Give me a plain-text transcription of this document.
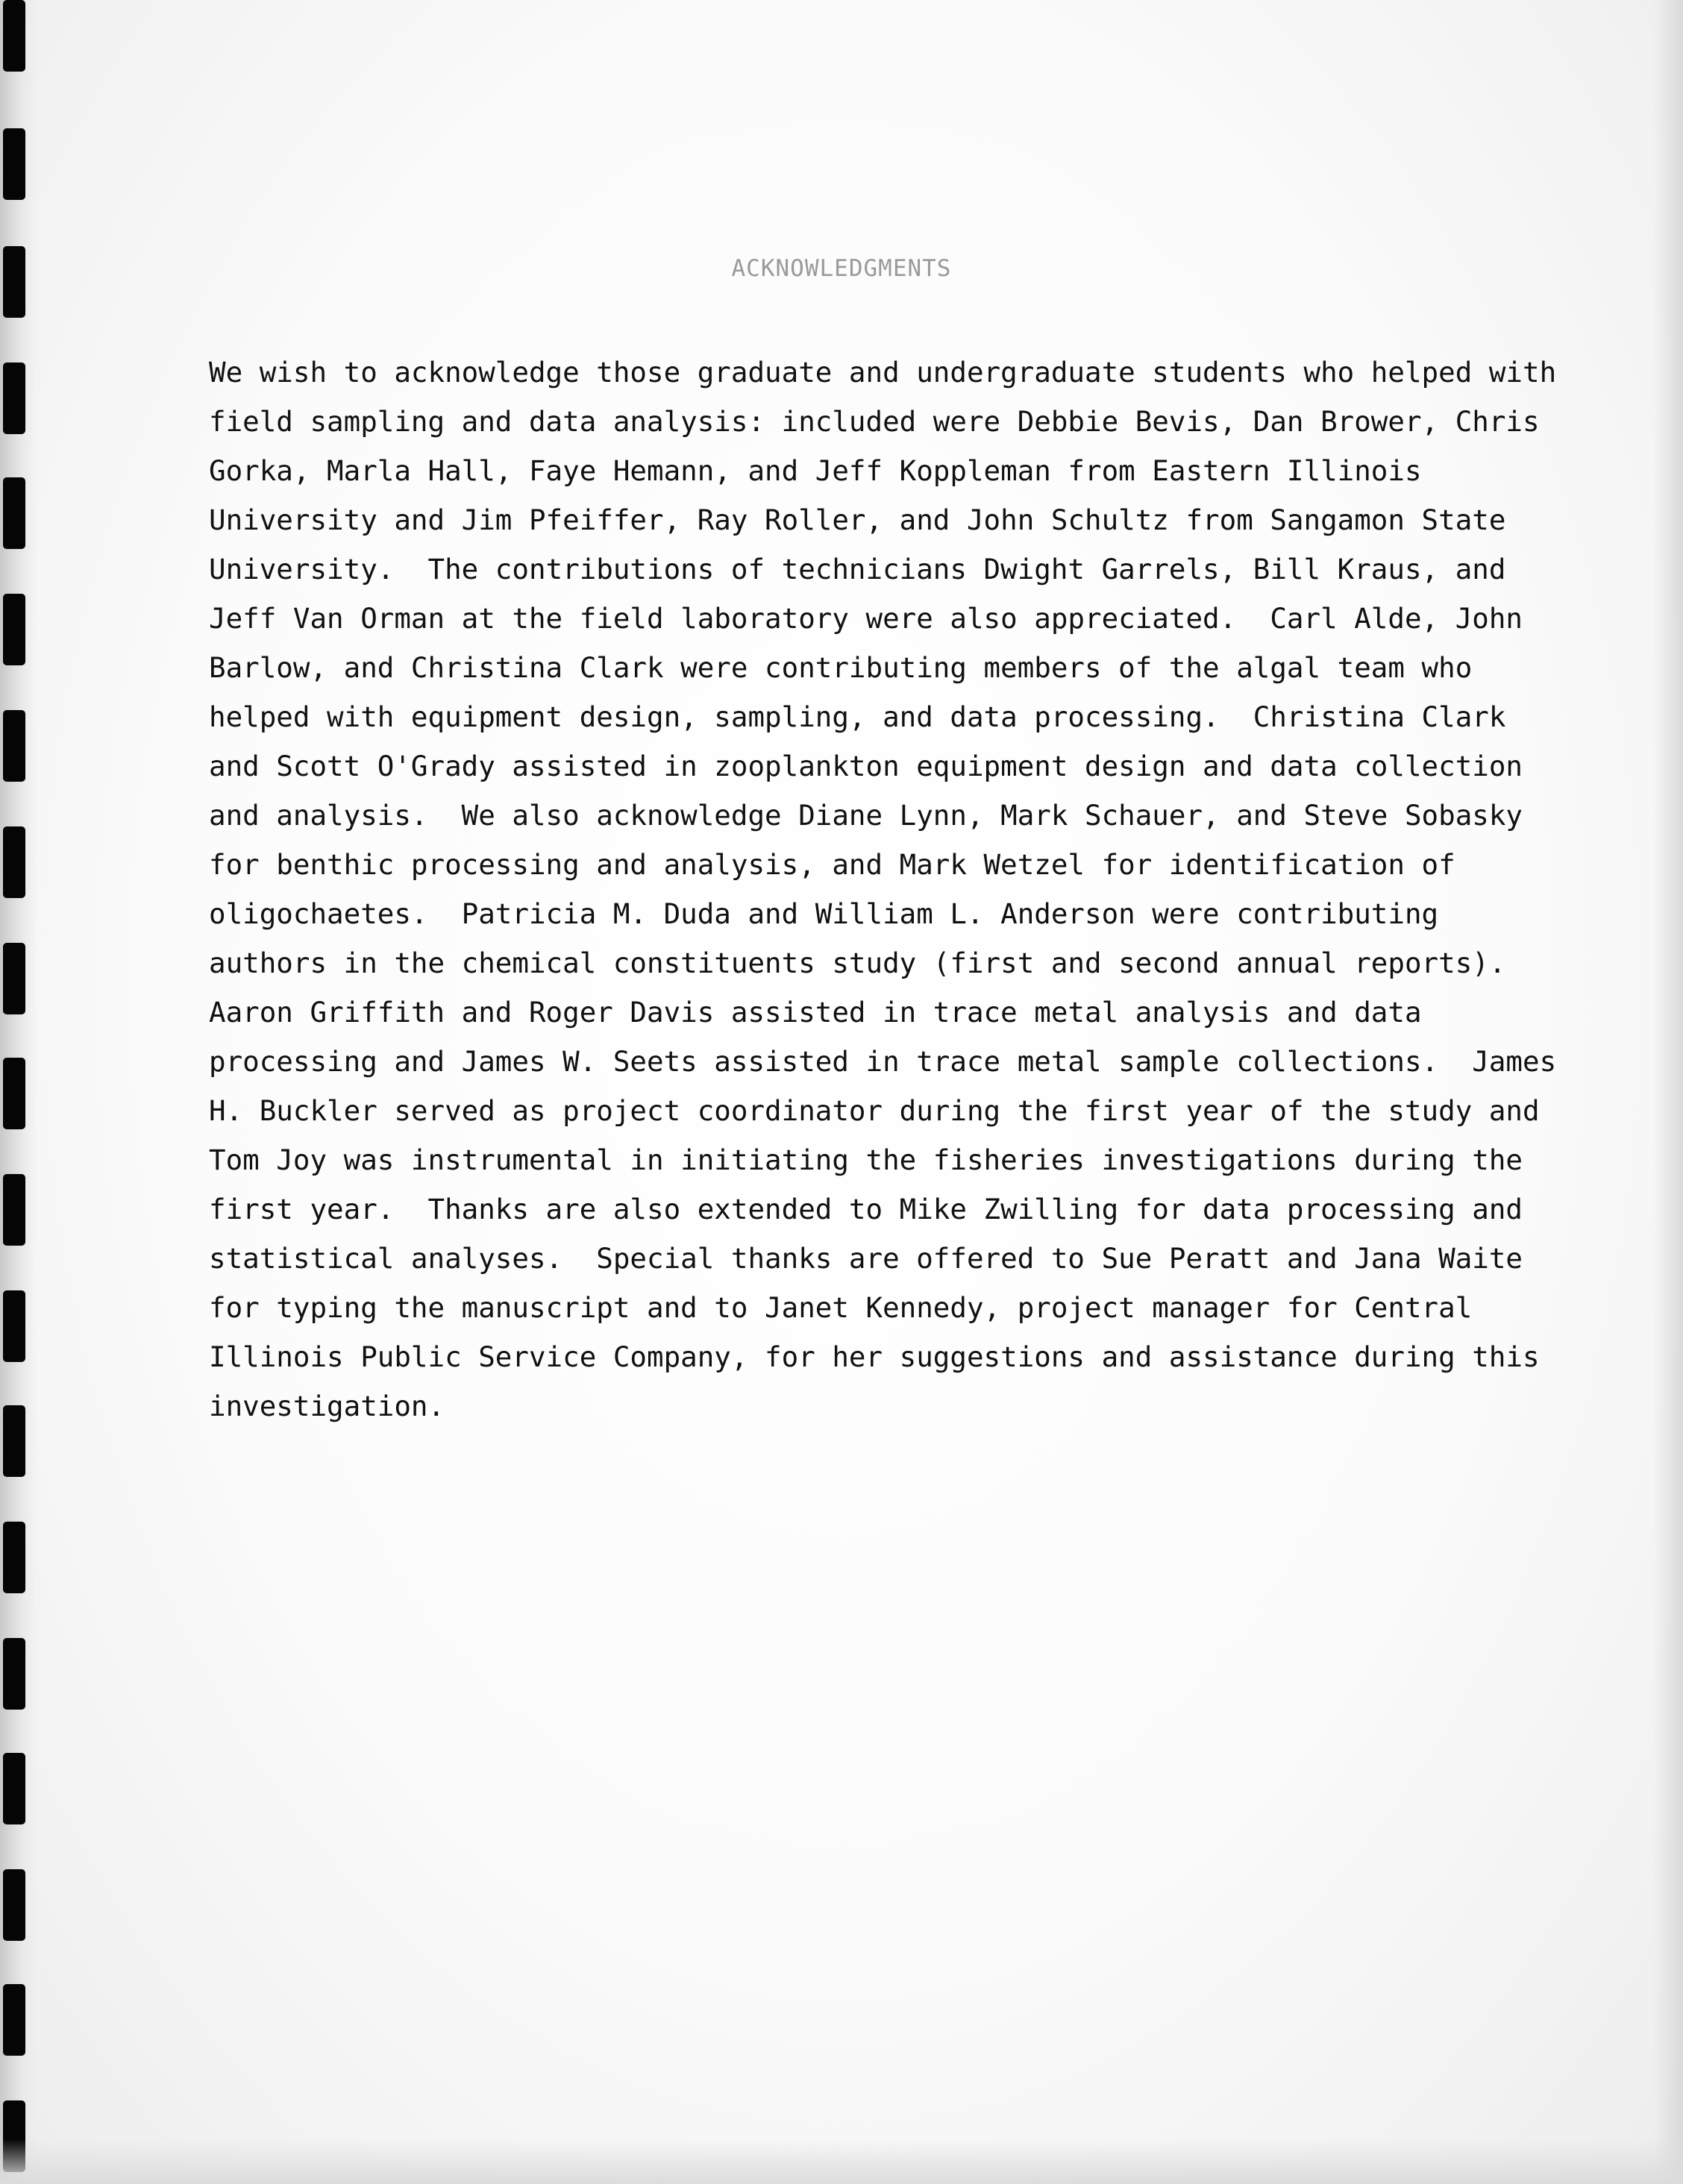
ACKNOWLEDGMENTS
We wish to acknowledge those graduate and undergraduate students who helped with
field sampling and data analysis: included were Debbie Bevis, Dan Brower, Chris
Gorka, Marla Hall, Faye Hemann, and Jeff Koppleman from Eastern Illinois
University and Jim Pfeiffer, Ray Roller, and John Schultz from Sangamon State
University.  The contributions of technicians Dwight Garrels, Bill Kraus, and
Jeff Van Orman at the field laboratory were also appreciated.  Carl Alde, John
Barlow, and Christina Clark were contributing members of the algal team who
helped with equipment design, sampling, and data processing.  Christina Clark
and Scott O'Grady assisted in zooplankton equipment design and data collection
and analysis.  We also acknowledge Diane Lynn, Mark Schauer, and Steve Sobasky
for benthic processing and analysis, and Mark Wetzel for identification of
oligochaetes.  Patricia M. Duda and William L. Anderson were contributing
authors in the chemical constituents study (first and second annual reports).
Aaron Griffith and Roger Davis assisted in trace metal analysis and data
processing and James W. Seets assisted in trace metal sample collections.  James
H. Buckler served as project coordinator during the first year of the study and
Tom Joy was instrumental in initiating the fisheries investigations during the
first year.  Thanks are also extended to Mike Zwilling for data processing and
statistical analyses.  Special thanks are offered to Sue Peratt and Jana Waite
for typing the manuscript and to Janet Kennedy, project manager for Central
Illinois Public Service Company, for her suggestions and assistance during this
investigation.
